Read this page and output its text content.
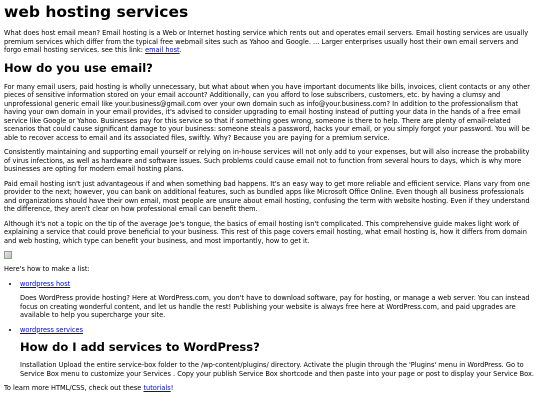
web hosting services

What does host email mean? Email hosting is a Web or Internet hosting service which rents out and operates email servers. Email hosting services are usually premium services which differ from the typical free webmail sites such as Yahoo and Google. ... Larger enterprises usually host their own email servers and forgo email hosting services. see this link: email host.

How do you use email?

For many email users, paid hosting is wholly unnecessary, but what about when you have important documents like bills, invoices, client contacts or any other pieces of sensitive information stored on your email account? Additionally, can you afford to lose subscribers, customers, etc. by having a clumsy and unprofessional generic email like your.business@gmail.com over your own domain such as info@your.business.com? In addition to the professionalism that having your own domain in your email provides, it's advised to consider upgrading to email hosting instead of putting your data in the hands of a free email service like Google or Yahoo. Businesses pay for this service so that if something goes wrong, someone is there to help. There are plenty of email-related scenarios that could cause significant damage to your business: someone steals a password, hacks your email, or you simply forgot your password. You will be able to recover access to email and its associated files, swiftly. Why? Because you are paying for a premium service.

Consistently maintaining and supporting email yourself or relying on in-house services will not only add to your expenses, but will also increase the probability of virus infections, as well as hardware and software issues. Such problems could cause email not to function from several hours to days, which is why more businesses are opting for modern email hosting plans.

Paid email hosting isn't just advantageous if and when something bad happens. It's an easy way to get more reliable and efficient service. Plans vary from one provider to the next; however, you can bank on additional features, such as bundled apps like Microsoft Office Online. Even though all business professionals and organizations should have their own email, most people are unsure about email hosting, confusing the term with website hosting. Even if they understand the difference, they aren't clear on how professional email can benefit them.

Although it's not a topic on the tip of the average Joe's tongue, the basics of email hosting isn't complicated. This comprehensive guide makes light work of explaining a service that could prove beneficial to your business. This rest of this page covers email hosting, what email hosting is, how it differs from domain and web hosting, which type can benefit your business, and most importantly, how to get it.

Here's how to make a list:

• wordpress host

Does WordPress provide hosting? Here at WordPress.com, you don't have to download software, pay for hosting, or manage a web server. You can instead focus on creating wonderful content, and let us handle the rest! Publishing your website is always free here at WordPress.com, and paid upgrades are available to help you supercharge your site.

• wordpress services
How do I add services to WordPress?

Installation Upload the entire service-box folder to the /wp-content/plugins/ directory. Activate the plugin through the 'Plugins' menu in WordPress. Go to Service Box menu to customize your Services . Copy your publish Service Box shortcode and then paste into your page or post to display your Service Box.

To learn more HTML/CSS, check out these tutorials!
